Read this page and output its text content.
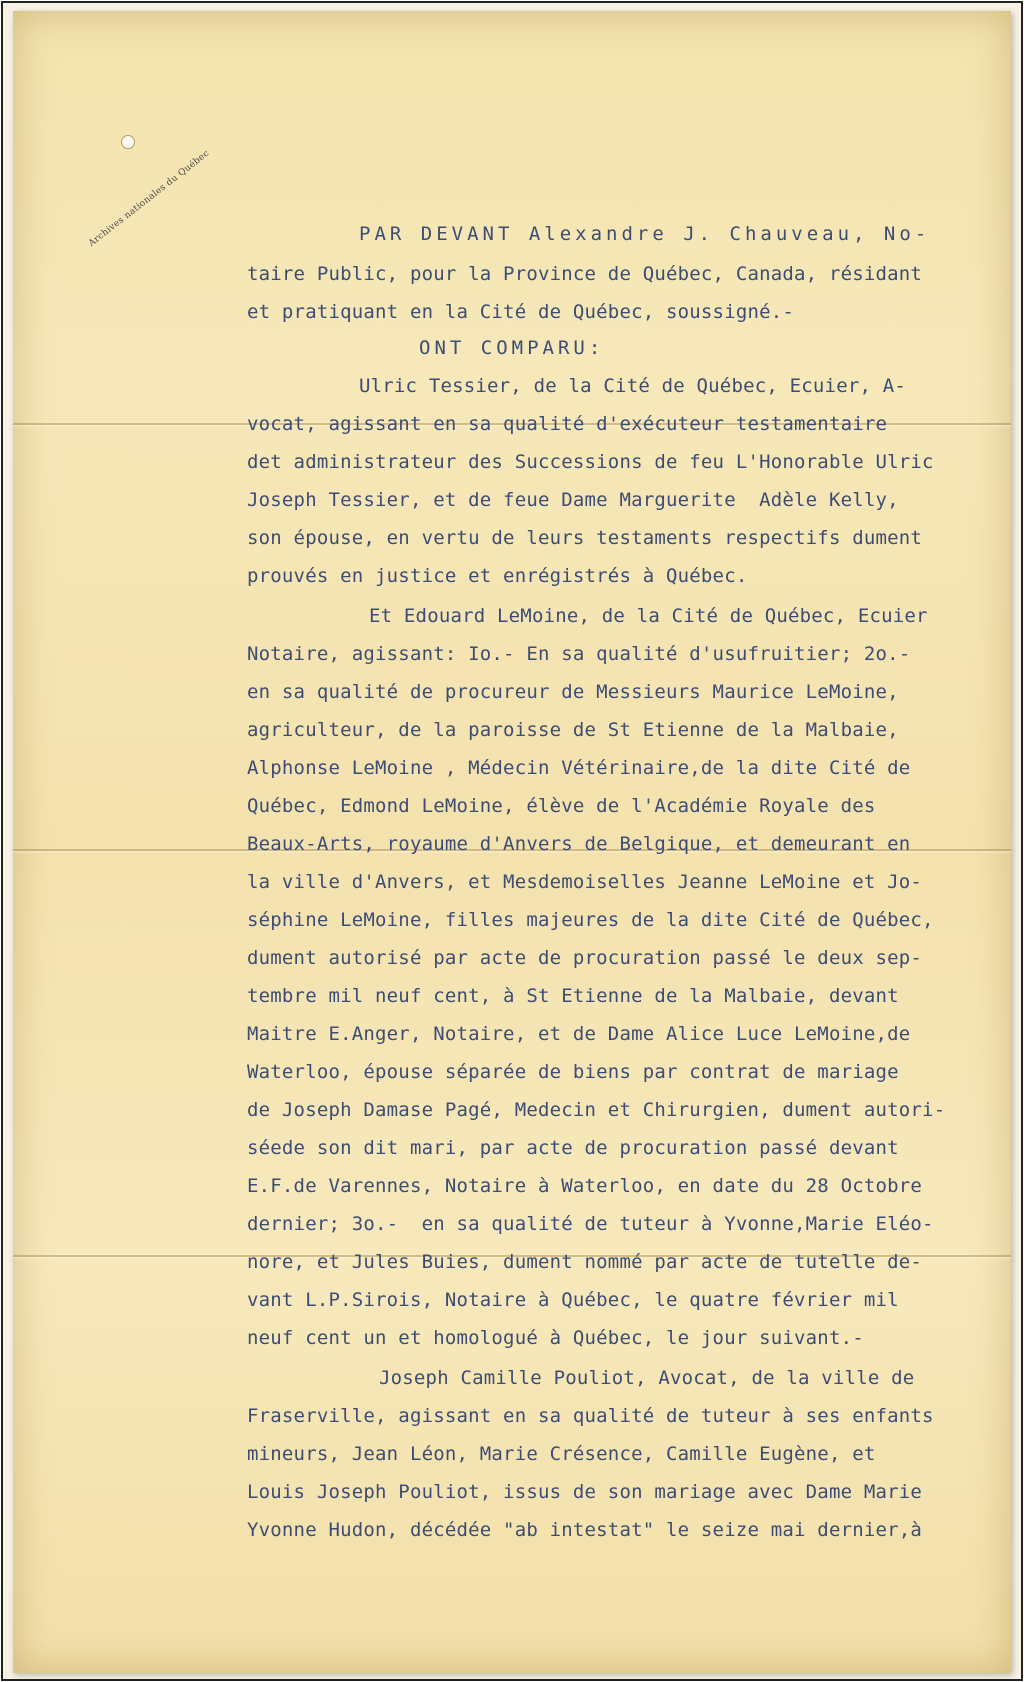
Archives nationales du Québec	PAR DEVANT Alexandre J. Chauveau, No-
taire Public, pour la Province de Québec, Canada, résidant
et pratiquant en la Cité de Québec, soussigné.-
ONT COMPARU:
Ulric Tessier, de la Cité de Québec, Ecuier, A-
vocat, agissant en sa qualité d'exécuteur testamentaire
det administrateur des Successions de feu L'Honorable Ulric
Joseph Tessier, et de feue Dame Marguerite  Adèle Kelly,
son épouse, en vertu de leurs testaments respectifs dument
prouvés en justice et enrégistrés à Québec.
Et Edouard LeMoine, de la Cité de Québec, Ecuier
Notaire, agissant: Io.- En sa qualité d'usufruitier; 2o.-
en sa qualité de procureur de Messieurs Maurice LeMoine,
agriculteur, de la paroisse de St Etienne de la Malbaie,
Alphonse LeMoine , Médecin Vétérinaire,de la dite Cité de
Québec, Edmond LeMoine, élève de l'Académie Royale des
Beaux-Arts, royaume d'Anvers de Belgique, et demeurant en
la ville d'Anvers, et Mesdemoiselles Jeanne LeMoine et Jo-
séphine LeMoine, filles majeures de la dite Cité de Québec,
dument autorisé par acte de procuration passé le deux sep-
tembre mil neuf cent, à St Etienne de la Malbaie, devant
Maitre E.Anger, Notaire, et de Dame Alice Luce LeMoine,de
Waterloo, épouse séparée de biens par contrat de mariage
de Joseph Damase Pagé, Medecin et Chirurgien, dument autori-
séede son dit mari, par acte de procuration passé devant
E.F.de Varennes, Notaire à Waterloo, en date du 28 Octobre
dernier; 3o.-  en sa qualité de tuteur à Yvonne,Marie Eléo-
nore, et Jules Buies, dument nommé par acte de tutelle de-
vant L.P.Sirois, Notaire à Québec, le quatre février mil
neuf cent un et homologué à Québec, le jour suivant.-
Joseph Camille Pouliot, Avocat, de la ville de
Fraserville, agissant en sa qualité de tuteur à ses enfants
mineurs, Jean Léon, Marie Crésence, Camille Eugène, et
Louis Joseph Pouliot, issus de son mariage avec Dame Marie
Yvonne Hudon, décédée "ab intestat" le seize mai dernier,à
